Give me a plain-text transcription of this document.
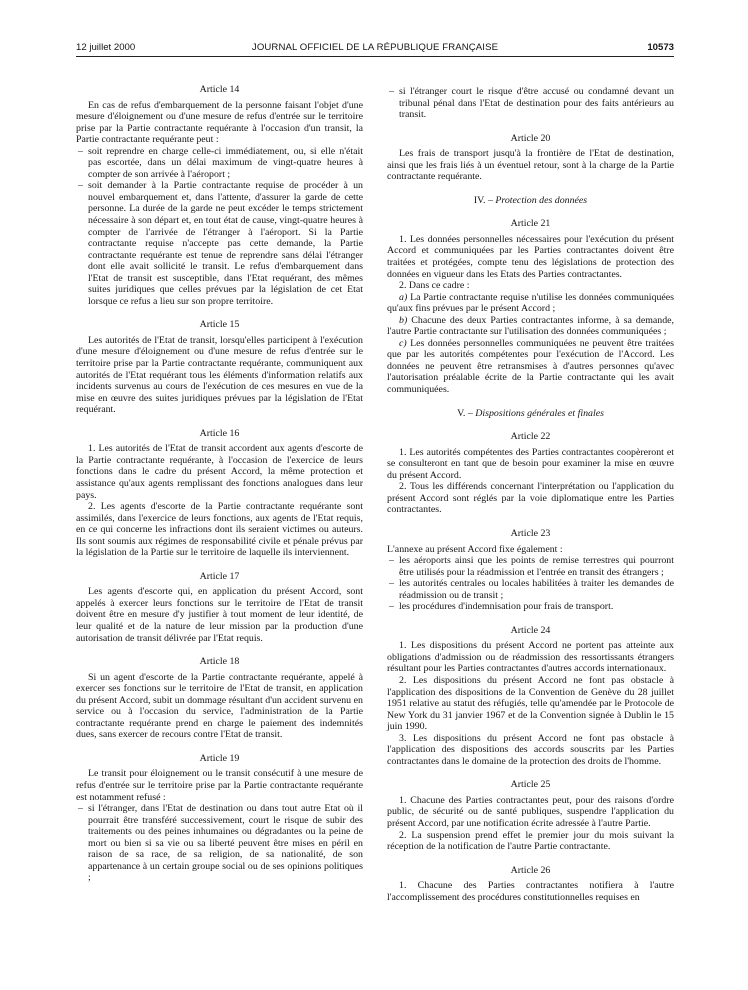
12 juillet 2000	JOURNAL OFFICIEL DE LA RÉPUBLIQUE FRANÇAISE	10573
Article 14

En cas de refus d'embarquement de la personne faisant l'objet d'une mesure d'éloignement ou d'une mesure de refus d'entrée sur le territoire prise par la Partie contractante requérante à l'occasion d'un transit, la Partie contractante requérante peut :

– soit reprendre en charge celle-ci immédiatement, ou, si elle n'était pas escortée, dans un délai maximum de vingt-quatre heures à compter de son arrivée à l'aéroport ;
– soit demander à la Partie contractante requise de procéder à un nouvel embarquement et, dans l'attente, d'assurer la garde de cette personne. La durée de la garde ne peut excéder le temps strictement nécessaire à son départ et, en tout état de cause, vingt-quatre heures à compter de l'arrivée de l'étranger à l'aéroport. Si la Partie contractante requise n'accepte pas cette demande, la Partie contractante requérante est tenue de reprendre sans délai l'étranger dont elle avait sollicité le transit. Le refus d'embarquement dans l'Etat de transit est susceptible, dans l'Etat requérant, des mêmes suites juridiques que celles prévues par la législation de cet Etat lorsque ce refus a lieu sur son propre territoire.
Article 15

Les autorités de l'Etat de transit, lorsqu'elles participent à l'exécution d'une mesure d'éloignement ou d'une mesure de refus d'entrée sur le territoire prise par la Partie contractante requérante, communiquent aux autorités de l'Etat requérant tous les éléments d'information relatifs aux incidents survenus au cours de l'exécution de ces mesures en vue de la mise en œuvre des suites juridiques prévues par la législation de l'Etat requérant.

Article 16

1. Les autorités de l'Etat de transit accordent aux agents d'escorte de la Partie contractante requérante, à l'occasion de l'exercice de leurs fonctions dans le cadre du présent Accord, la même protection et assistance qu'aux agents remplissant des fonctions analogues dans leur pays.

2. Les agents d'escorte de la Partie contractante requérante sont assimilés, dans l'exercice de leurs fonctions, aux agents de l'Etat requis, en ce qui concerne les infractions dont ils seraient victimes ou auteurs. Ils sont soumis aux régimes de responsabilité civile et pénale prévus par la législation de la Partie sur le territoire de laquelle ils interviennent.

Article 17

Les agents d'escorte qui, en application du présent Accord, sont appelés à exercer leurs fonctions sur le territoire de l'Etat de transit doivent être en mesure d'y justifier à tout moment de leur identité, de leur qualité et de la nature de leur mission par la production d'une autorisation de transit délivrée par l'Etat requis.

Article 18

Si un agent d'escorte de la Partie contractante requérante, appelé à exercer ses fonctions sur le territoire de l'Etat de transit, en application du présent Accord, subit un dommage résultant d'un accident survenu en service ou à l'occasion du service, l'administration de la Partie contractante requérante prend en charge le paiement des indemnités dues, sans exercer de recours contre l'Etat de transit.

Article 19

Le transit pour éloignement ou le transit consécutif à une mesure de refus d'entrée sur le territoire prise par la Partie contractante requérante est notamment refusé :

– si l'étranger, dans l'Etat de destination ou dans tout autre Etat où il pourrait être transféré successivement, court le risque de subir des traitements ou des peines inhumaines ou dégradantes ou la peine de mort ou bien si sa vie ou sa liberté peuvent être mises en péril en raison de sa race, de sa religion, de sa nationalité, de son appartenance à un certain groupe social ou de ses opinions politiques ;
– si l'étranger court le risque d'être accusé ou condamné devant un tribunal pénal dans l'Etat de destination pour des faits antérieurs au transit.
Article 20

Les frais de transport jusqu'à la frontière de l'Etat de destination, ainsi que les frais liés à un éventuel retour, sont à la charge de la Partie contractante requérante.

IV. – Protection des données
Article 21

1. Les données personnelles nécessaires pour l'exécution du présent Accord et communiquées par les Parties contractantes doivent être traitées et protégées, compte tenu des législations de protection des données en vigueur dans les Etats des Parties contractantes.

2. Dans ce cadre :

a) La Partie contractante requise n'utilise les données communiquées qu'aux fins prévues par le présent Accord ;

b) Chacune des deux Parties contractantes informe, à sa demande, l'autre Partie contractante sur l'utilisation des données communiquées ;

c) Les données personnelles communiquées ne peuvent être traitées que par les autorités compétentes pour l'exécution de l'Accord. Les données ne peuvent être retransmises à d'autres personnes qu'avec l'autorisation préalable écrite de la Partie contractante qui les avait communiquées.

V. – Dispositions générales et finales
Article 22

1. Les autorités compétentes des Parties contractantes coopèreront et se consulteront en tant que de besoin pour examiner la mise en œuvre du présent Accord.

2. Tous les différends concernant l'interprétation ou l'application du présent Accord sont réglés par la voie diplomatique entre les Parties contractantes.

Article 23

L'annexe au présent Accord fixe également :

– les aéroports ainsi que les points de remise terrestres qui pourront être utilisés pour la réadmission et l'entrée en transit des étrangers ;
– les autorités centrales ou locales habilitées à traiter les demandes de réadmission ou de transit ;
– les procédures d'indemnisation pour frais de transport.
Article 24

1. Les dispositions du présent Accord ne portent pas atteinte aux obligations d'admission ou de réadmission des ressortissants étrangers résultant pour les Parties contractantes d'autres accords internationaux.

2. Les dispositions du présent Accord ne font pas obstacle à l'application des dispositions de la Convention de Genève du 28 juillet 1951 relative au statut des réfugiés, telle qu'amendée par le Protocole de New York du 31 janvier 1967 et de la Convention signée à Dublin le 15 juin 1990.

3. Les dispositions du présent Accord ne font pas obstacle à l'application des dispositions des accords souscrits par les Parties contractantes dans le domaine de la protection des droits de l'homme.

Article 25

1. Chacune des Parties contractantes peut, pour des raisons d'ordre public, de sécurité ou de santé publiques, suspendre l'application du présent Accord, par une notification écrite adressée à l'autre Partie.

2. La suspension prend effet le premier jour du mois suivant la réception de la notification de l'autre Partie contractante.

Article 26

1. Chacune des Parties contractantes notifiera à l'autre l'accomplissement des procédures constitutionnelles requises en
